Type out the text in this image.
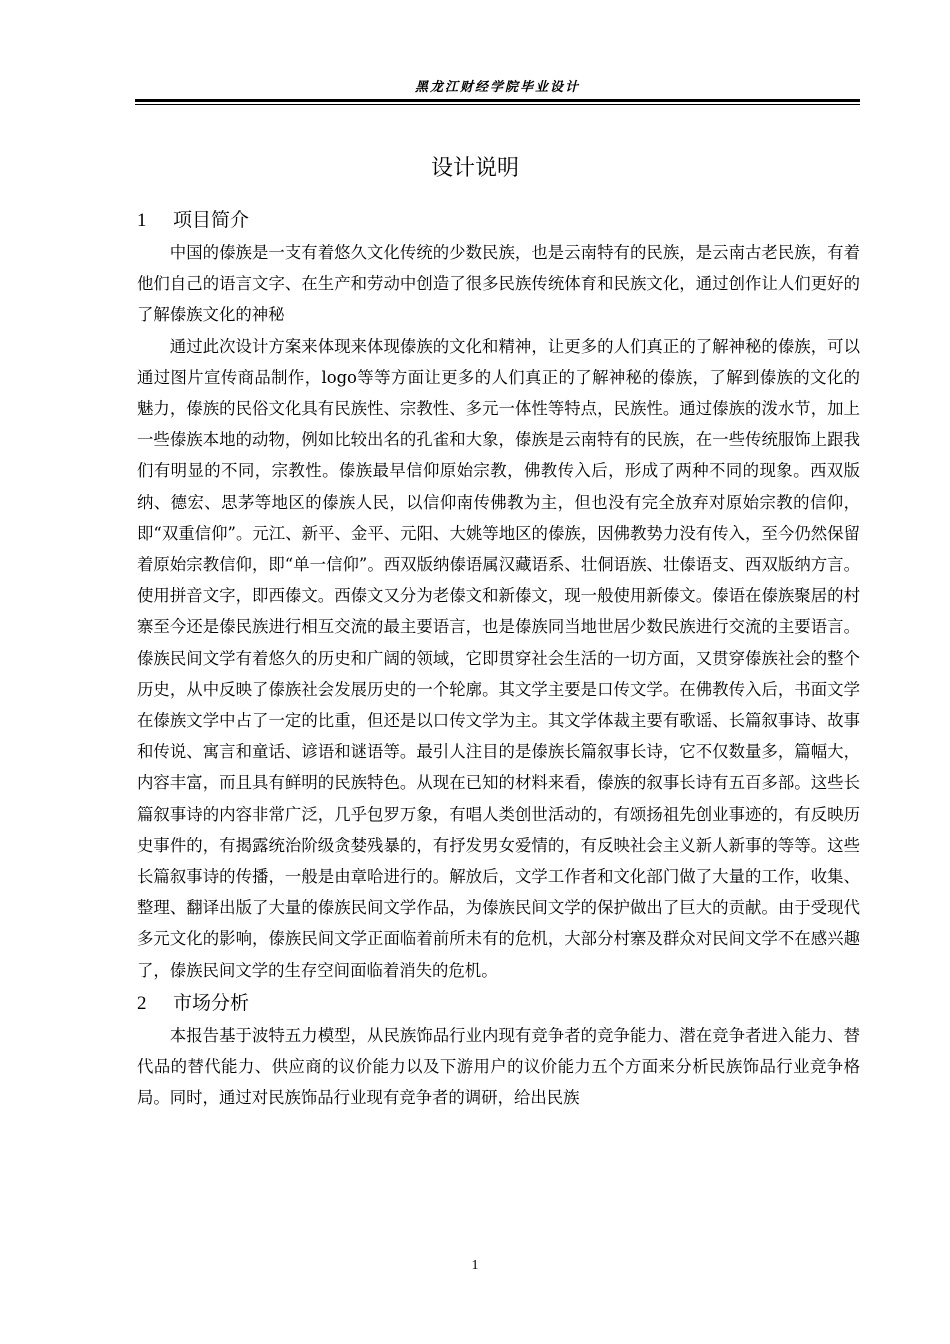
黑龙江财经学院毕业设计
设计说明
1 项目简介

中国的傣族是一支有着悠久文化传统的少数民族，也是云南特有的民族，是云南古老民族，有着他们自己的语言文字、在生产和劳动中创造了很多民族传统体育和民族文化，通过创作让人们更好的了解傣族文化的神秘

通过此次设计方案来体现来体现傣族的文化和精神，让更多的人们真正的了解神秘的傣族，可以通过图片宣传商品制作，logo等等方面让更多的人们真正的了解神秘的傣族，了解到傣族的文化的魅力，傣族的民俗文化具有民族性、宗教性、多元一体性等特点，民族性。通过傣族的泼水节，加上一些傣族本地的动物，例如比较出名的孔雀和大象，傣族是云南特有的民族，在一些传统服饰上跟我们有明显的不同，宗教性。傣族最早信仰原始宗教，佛教传入后，形成了两种不同的现象。西双版纳、德宏、思茅等地区的傣族人民，以信仰南传佛教为主，但也没有完全放弃对原始宗教的信仰，即“双重信仰”。元江、新平、金平、元阳、大姚等地区的傣族，因佛教势力没有传入，至今仍然保留着原始宗教信仰，即“单一信仰”。西双版纳傣语属汉藏语系、壮侗语族、壮傣语支、西双版纳方言。使用拼音文字，即西傣文。西傣文又分为老傣文和新傣文，现一般使用新傣文。傣语在傣族聚居的村寨至今还是傣民族进行相互交流的最主要语言，也是傣族同当地世居少数民族进行交流的主要语言。傣族民间文学有着悠久的历史和广阔的领域，它即贯穿社会生活的一切方面，又贯穿傣族社会的整个历史，从中反映了傣族社会发展历史的一个轮廓。其文学主要是口传文学。在佛教传入后，书面文学在傣族文学中占了一定的比重，但还是以口传文学为主。其文学体裁主要有歌谣、长篇叙事诗、故事和传说、寓言和童话、谚语和谜语等。最引人注目的是傣族长篇叙事长诗，它不仅数量多，篇幅大，内容丰富，而且具有鲜明的民族特色。从现在已知的材料来看，傣族的叙事长诗有五百多部。这些长篇叙事诗的内容非常广泛，几乎包罗万象，有唱人类创世活动的，有颂扬祖先创业事迹的，有反映历史事件的，有揭露统治阶级贪婪残暴的，有抒发男女爱情的，有反映社会主义新人新事的等等。这些长篇叙事诗的传播，一般是由章哈进行的。解放后，文学工作者和文化部门做了大量的工作，收集、整理、翻译出版了大量的傣族民间文学作品，为傣族民间文学的保护做出了巨大的贡献。由于受现代多元文化的影响，傣族民间文学正面临着前所未有的危机，大部分村寨及群众对民间文学不在感兴趣了，傣族民间文学的生存空间面临着消失的危机。

2 市场分析

本报告基于波特五力模型，从民族饰品行业内现有竞争者的竞争能力、潜在竞争者进入能力、替代品的替代能力、供应商的议价能力以及下游用户的议价能力五个方面来分析民族饰品行业竞争格局。同时，通过对民族饰品行业现有竞争者的调研，给出民族

1
